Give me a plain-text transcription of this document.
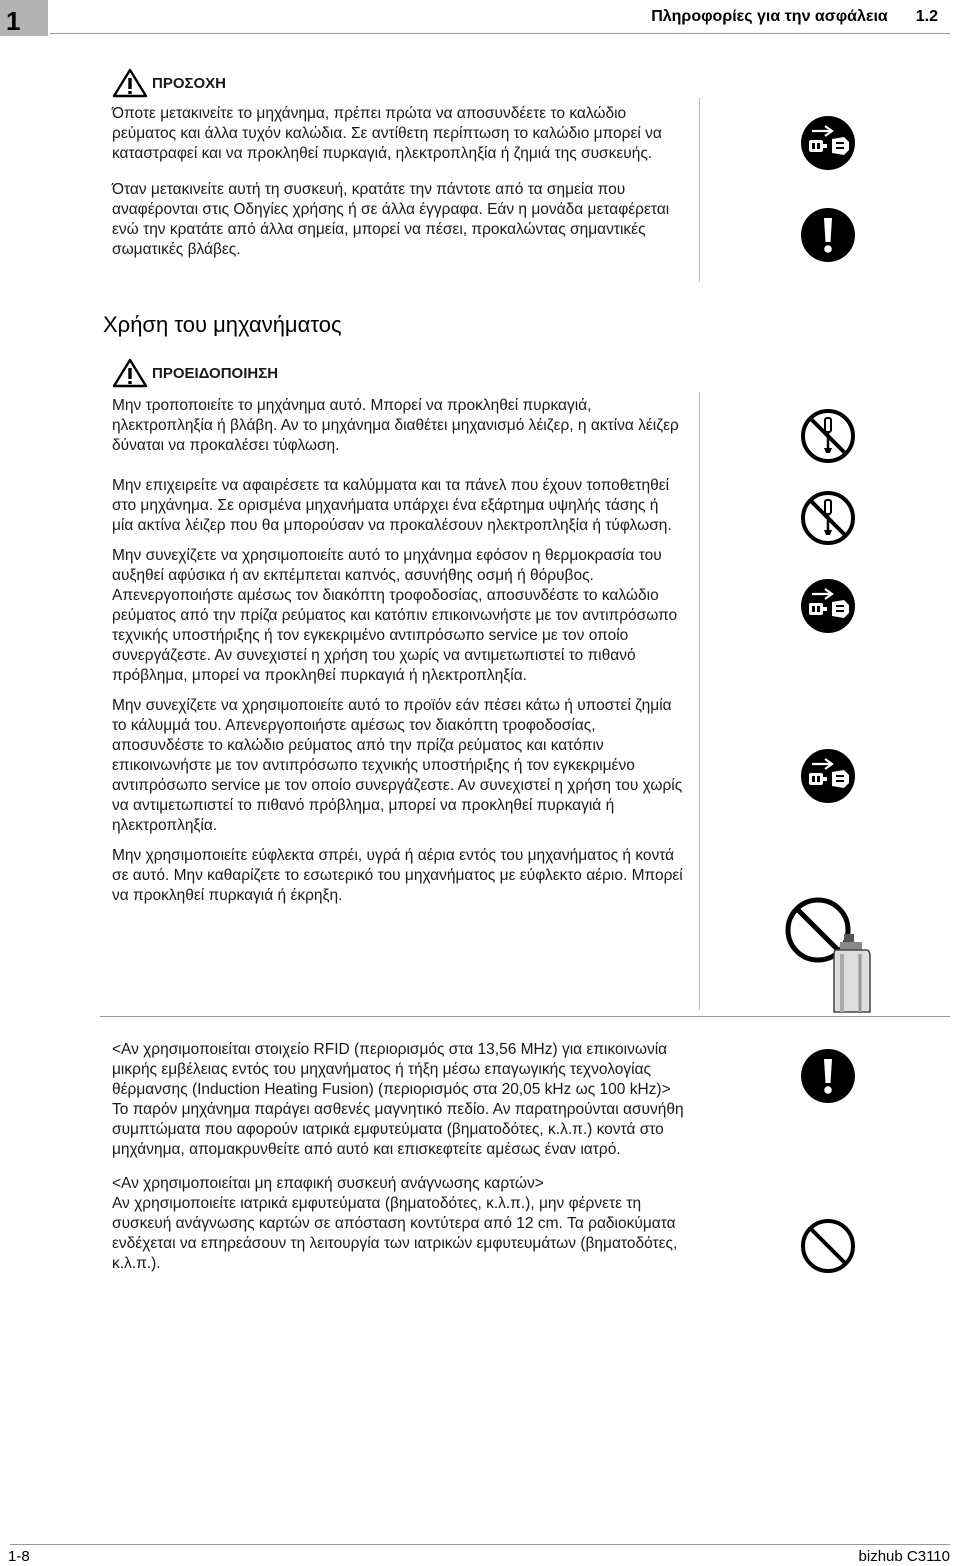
1	Πληροφορίες για την ασφάλεια 1.2
ΠΡΟΣΟΧΗ

Όποτε μετακινείτε το μηχάνημα, πρέπει πρώτα να αποσυνδέετε το καλώδιο ρεύματος και άλλα τυχόν καλώδια. Σε αντίθετη περίπτωση το καλώδιο μπορεί να καταστραφεί και να προκληθεί πυρκαγιά, ηλεκτροπληξία ή ζημιά της συσκευής.

Όταν μετακινείτε αυτή τη συσκευή, κρατάτε την πάντοτε από τα σημεία που αναφέρονται στις Οδηγίες χρήσης ή σε άλλα έγγραφα. Εάν η μονάδα μεταφέρεται ενώ την κρατάτε από άλλα σημεία, μπορεί να πέσει, προκαλώντας σημαντικές σωματικές βλάβες.

Χρήση του μηχανήματος
ΠΡΟΕΙΔΟΠΟΙΗΣΗ

Μην τροποποιείτε το μηχάνημα αυτό. Μπορεί να προκληθεί πυρκαγιά, ηλεκτροπληξία ή βλάβη. Αν το μηχάνημα διαθέτει μηχανισμό λέιζερ, η ακτίνα λέιζερ δύναται να προκαλέσει τύφλωση.

Μην επιχειρείτε να αφαιρέσετε τα καλύμματα και τα πάνελ που έχουν τοποθετηθεί στο μηχάνημα. Σε ορισμένα μηχανήματα υπάρχει ένα εξάρτημα υψηλής τάσης ή μία ακτίνα λέιζερ που θα μπορούσαν να προκαλέσουν ηλεκτροπληξία ή τύφλωση.

Μην συνεχίζετε να χρησιμοποιείτε αυτό το μηχάνημα εφόσον η θερμοκρασία του αυξηθεί αφύσικα ή αν εκπέμπεται καπνός, ασυνήθης οσμή ή θόρυβος. Απενεργοποιήστε αμέσως τον διακόπτη τροφοδοσίας, αποσυνδέστε το καλώδιο ρεύματος από την πρίζα ρεύματος και κατόπιν επικοινωνήστε με τον αντιπρόσωπο τεχνικής υποστήριξης ή τον εγκεκριμένο αντιπρόσωπο service με τον οποίο συνεργάζεστε. Αν συνεχιστεί η χρήση του χωρίς να αντιμετωπιστεί το πιθανό πρόβλημα, μπορεί να προκληθεί πυρκαγιά ή ηλεκτροπληξία.

Μην συνεχίζετε να χρησιμοποιείτε αυτό το προϊόν εάν πέσει κάτω ή υποστεί ζημία το κάλυμμά του. Απενεργοποιήστε αμέσως τον διακόπτη τροφοδοσίας, αποσυνδέστε το καλώδιο ρεύματος από την πρίζα ρεύματος και κατόπιν επικοινωνήστε με τον αντιπρόσωπο τεχνικής υποστήριξης ή τον εγκεκριμένο αντιπρόσωπο service με τον οποίο συνεργάζεστε. Αν συνεχιστεί η χρήση του χωρίς να αντιμετωπιστεί το πιθανό πρόβλημα, μπορεί να προκληθεί πυρκαγιά ή ηλεκτροπληξία.

Μην χρησιμοποιείτε εύφλεκτα σπρέι, υγρά ή αέρια εντός του μηχανήματος ή κοντά σε αυτό. Μην καθαρίζετε το εσωτερικό του μηχανήματος με εύφλεκτο αέριο. Μπορεί να προκληθεί πυρκαγιά ή έκρηξη.

<Αν χρησιμοποιείται στοιχείο RFID (περιορισμός στα 13,56 MHz) για επικοινωνία μικρής εμβέλειας εντός του μηχανήματος ή τήξη μέσω επαγωγικής τεχνολογίας θέρμανσης (Induction Heating Fusion) (περιορισμός στα 20,05 kHz ως 100 kHz)>

Το παρόν μηχάνημα παράγει ασθενές μαγνητικό πεδίο. Αν παρατηρούνται ασυνήθη συμπτώματα που αφορούν ιατρικά εμφυτεύματα (βηματοδότες, κ.λ.π.) κοντά στο μηχάνημα, απομακρυνθείτε από αυτό και επισκεφτείτε αμέσως έναν ιατρό.

<Αν χρησιμοποιείται μη επαφική συσκευή ανάγνωσης καρτών>

Αν χρησιμοποιείτε ιατρικά εμφυτεύματα (βηματοδότες, κ.λ.π.), μην φέρνετε τη συσκευή ανάγνωσης καρτών σε απόσταση κοντύτερα από 12 cm. Τα ραδιοκύματα ενδέχεται να επηρεάσουν τη λειτουργία των ιατρικών εμφυτευμάτων (βηματοδότες, κ.λ.π.).

1-8	bizhub C3110
